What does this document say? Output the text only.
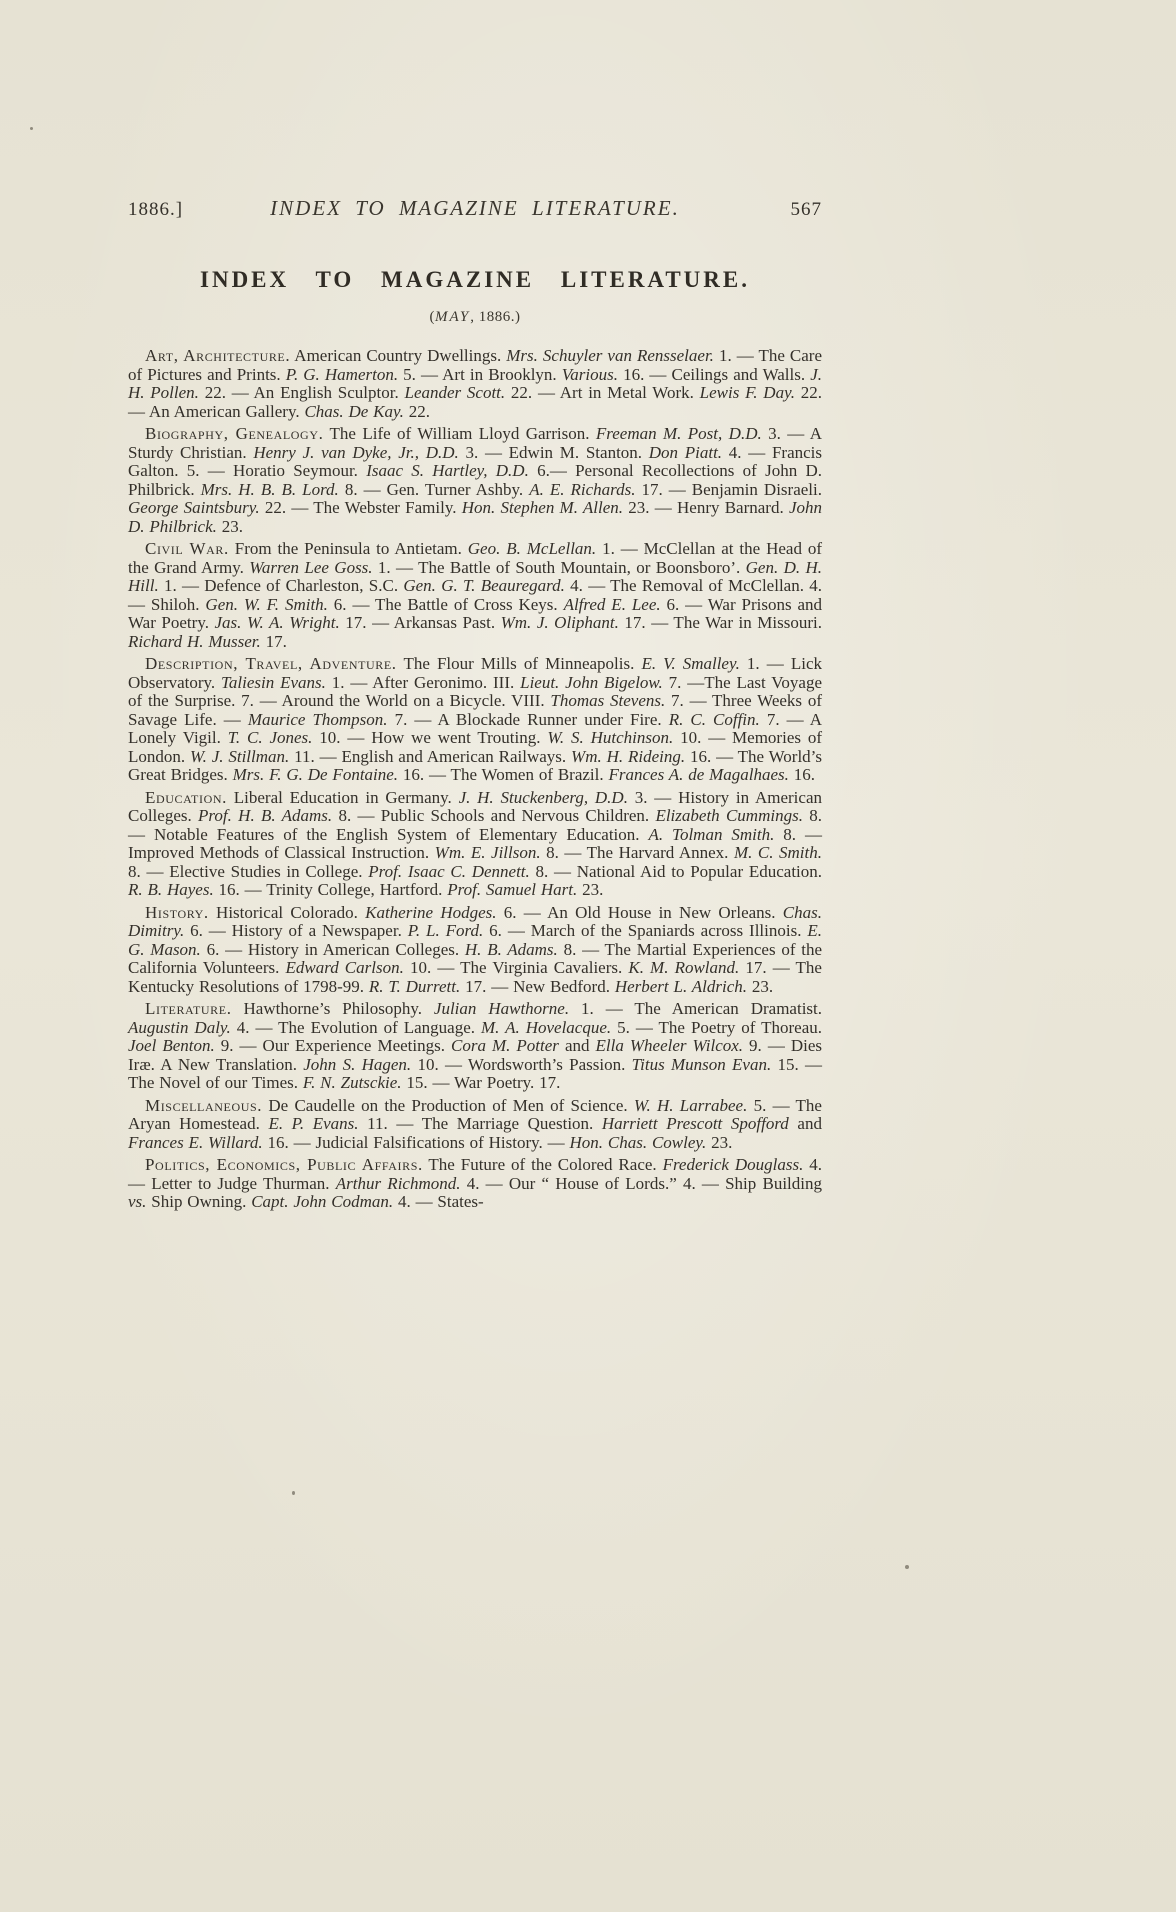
1886.]	INDEX TO MAGAZINE LITERATURE.	567
INDEX TO MAGAZINE LITERATURE.
(MAY, 1886.)

Art, Architecture. American Country Dwellings. Mrs. Schuyler van Rensselaer. 1. — The Care of Pictures and Prints. P. G. Hamerton. 5. — Art in Brooklyn. Various. 16. — Ceilings and Walls. J. H. Pollen. 22. — An English Sculptor. Leander Scott. 22. — Art in Metal Work. Lewis F. Day. 22.— An American Gallery. Chas. De Kay. 22.

Biography, Genealogy. The Life of William Lloyd Garrison. Freeman M. Post, D.D. 3. — A Sturdy Christian. Henry J. van Dyke, Jr., D.D. 3. — Edwin M. Stanton. Don Piatt. 4. — Francis Galton. 5. — Horatio Seymour. Isaac S. Hartley, D.D. 6.— Personal Recollections of John D. Philbrick. Mrs. H. B. B. Lord. 8. — Gen. Turner Ashby. A. E. Richards. 17. — Benjamin Disraeli. George Saintsbury. 22. — The Webster Family. Hon. Stephen M. Allen. 23. — Henry Barnard. John D. Philbrick. 23.

Civil War. From the Peninsula to Antietam. Geo. B. McLellan. 1. — McClellan at the Head of the Grand Army. Warren Lee Goss. 1. — The Battle of South Mountain, or Boonsboro’. Gen. D. H. Hill. 1. — Defence of Charleston, S.C. Gen. G. T. Beauregard. 4. — The Removal of McClellan. 4. — Shiloh. Gen. W. F. Smith. 6. — The Battle of Cross Keys. Alfred E. Lee. 6. — War Prisons and War Poetry. Jas. W. A. Wright. 17. — Arkansas Past. Wm. J. Oliphant. 17. — The War in Missouri. Richard H. Musser. 17.

Description, Travel, Adventure. The Flour Mills of Minneapolis. E. V. Smalley. 1. — Lick Observatory. Taliesin Evans. 1. — After Geronimo. III. Lieut. John Bigelow. 7. —The Last Voyage of the Surprise. 7. — Around the World on a Bicycle. VIII. Thomas Stevens. 7. — Three Weeks of Savage Life. — Maurice Thompson. 7. — A Blockade Runner under Fire. R. C. Coffin. 7. — A Lonely Vigil. T. C. Jones. 10. — How we went Trouting. W. S. Hutchinson. 10. — Memories of London. W. J. Stillman. 11. — English and American Railways. Wm. H. Rideing. 16. — The World’s Great Bridges. Mrs. F. G. De Fontaine. 16. — The Women of Brazil. Frances A. de Magalhaes. 16.

Education. Liberal Education in Germany. J. H. Stuckenberg, D.D. 3. — History in American Colleges. Prof. H. B. Adams. 8. — Public Schools and Nervous Children. Elizabeth Cummings. 8. — Notable Features of the English System of Elementary Education. A. Tolman Smith. 8. — Improved Methods of Classical Instruction. Wm. E. Jillson. 8. — The Harvard Annex. M. C. Smith. 8. — Elective Studies in College. Prof. Isaac C. Dennett. 8. — National Aid to Popular Education. R. B. Hayes. 16. — Trinity College, Hartford. Prof. Samuel Hart. 23.

History. Historical Colorado. Katherine Hodges. 6. — An Old House in New Orleans. Chas. Dimitry. 6. — History of a Newspaper. P. L. Ford. 6. — March of the Spaniards across Illinois. E. G. Mason. 6. — History in American Colleges. H. B. Adams. 8. — The Martial Experiences of the California Volunteers. Edward Carlson. 10. — The Virginia Cavaliers. K. M. Rowland. 17. — The Kentucky Resolutions of 1798-99. R. T. Durrett. 17. — New Bedford. Herbert L. Aldrich. 23.

Literature. Hawthorne’s Philosophy. Julian Hawthorne. 1. — The American Dramatist. Augustin Daly. 4. — The Evolution of Language. M. A. Hovelacque. 5. — The Poetry of Thoreau. Joel Benton. 9. — Our Experience Meetings. Cora M. Potter and Ella Wheeler Wilcox. 9. — Dies Iræ. A New Translation. John S. Hagen. 10. — Wordsworth’s Passion. Titus Munson Evan. 15. —The Novel of our Times. F. N. Zutsckie. 15. — War Poetry. 17.

Miscellaneous. De Caudelle on the Production of Men of Science. W. H. Larrabee. 5. — The Aryan Homestead. E. P. Evans. 11. — The Marriage Question. Harriett Prescott Spofford and Frances E. Willard. 16. — Judicial Falsifications of History. — Hon. Chas. Cowley. 23.

Politics, Economics, Public Affairs. The Future of the Colored Race. Frederick Douglass. 4. — Letter to Judge Thurman. Arthur Richmond. 4. — Our “ House of Lords.” 4. — Ship Building vs. Ship Owning. Capt. John Codman. 4. — States-
